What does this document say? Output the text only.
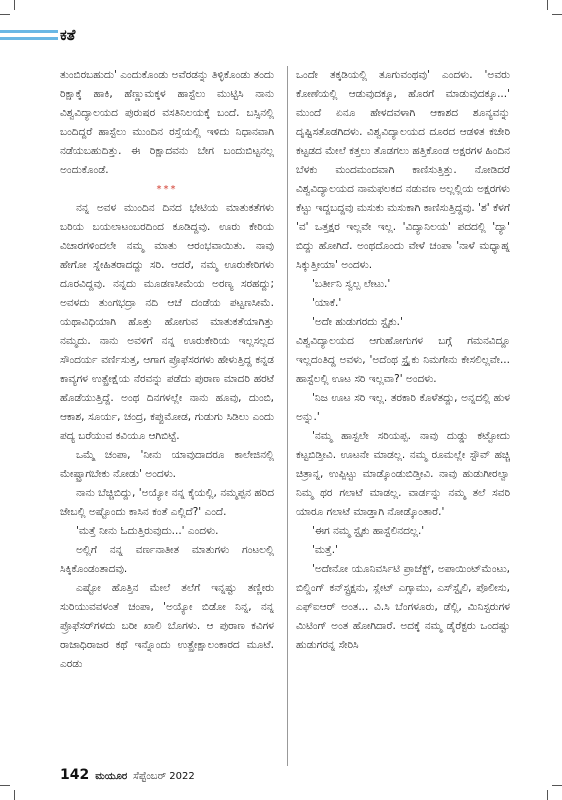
ಕತೆ

ತುಂಬಿರಬಹುದು' ಎಂದುಕೊಂಡು ಅವೆರಡನ್ನು ತಿಳ್ಳಿಕೊಂಡು ತಂದು ರಿಕ್ಷಾಕ್ಕೆ ಹಾಕಿ, ಹೆಣ್ಣುಮಕ್ಕಳ ಹಾಸ್ಟೆಲು ಮುಟ್ಟಿಸಿ ನಾನು ವಿಶ್ವವಿದ್ಯಾಲಯದ ಪುರುಷರ ವಸತಿನಿಲಯಕ್ಕೆ ಬಂದೆ. ಬಸ್ಸಿನಲ್ಲಿ ಬಂದಿದ್ದರೆ ಹಾಸ್ಟೆಲು ಮುಂದಿನ ರಸ್ತೆಯಲ್ಲಿ ಇಳಿದು ನಿಧಾನವಾಗಿ ನಡೆಯಬಹುದಿತ್ತು. ಈ ರಿಕ್ಷಾದವನು ಬೇಗ ಬಂದುಬಿಟ್ಟನಲ್ಲ ಅಂದುಕೊಂಡೆ.

***

ನನ್ನ ಅವಳ ಮುಂದಿನ ದಿನದ ಭೇಟಿಯ ಮಾತುಕತೆಗಳು ಬರಿಯ ಬಯಲಾಟಂಬರದಿಂದ ಕೂಡಿದ್ದವು. ಊರು ಕೇರಿಯ ವಿಚಾರಗಳಿಂದಲೇ ನಮ್ಮ ಮಾತು ಆರಂಭವಾಯಿತು. ನಾವು ಹೇಗೋ ಸ್ನೇಹಿತರಾದದ್ದು ಸರಿ. ಆದರೆ, ನಮ್ಮ ಊರುಕೇರಿಗಳು ದೂರವಿದ್ದವು. ನನ್ನದು ಮೂಡಣಸೀಮೆಯ ಅರಣ್ಯ ಸರಹದ್ದು; ಅವಳದು ತುಂಗಭದ್ರಾ ನದಿ ಆಚೆ ದಂಡೆಯ ಪಟ್ಟಣಸೀಮೆ. ಯಥಾವಿಧಿಯಾಗಿ ಹೊತ್ತು ಹೋಗುವ ಮಾತುಕತೆಯಾಗಿತ್ತು ನಮ್ಮದು. ನಾನು ಅವಳಿಗೆ ನನ್ನ ಊರುಕೇರಿಯ ಇಲ್ಲಸಲ್ಲದ ಸೌಂದರ್ಯ ವರ್ಣಿಸುತ್ತ, ಆಗಾಗ ಪ್ರೊಫೆಸರಗಳು ಹೇಳುತ್ತಿದ್ದ ಕನ್ನಡ ಕಾವ್ಯಗಳ ಉತ್ಪ್ರೇಕ್ಷೆಯ ನೆರವನ್ನು ಪಡೆದು ಪುರಾಣ ಮಾದರಿ ಹರಟೆ ಹೊಡೆಯುತ್ತಿದ್ದೆ. ಅಂಥ ದಿನಗಳಲ್ಲೇ ನಾನು ಹೂವು, ದುಂಬಿ, ಆಕಾಶ, ಸೂರ್ಯ, ಚಂದ್ರ, ಕಪ್ಪುಮೋಡ, ಗುಡುಗು ಸಿಡಿಲು ಎಂದು ಪದ್ಯ ಬರೆಯುವ ಕವಿಯೂ ಆಗಿಬಿಟ್ಟೆ.

ಒಮ್ಮೆ ಚಂಪಾ, 'ನೀನು ಯಾವುದಾದರೂ ಕಾಲೇಜಿನಲ್ಲಿ ಮೇಷ್ಟ್ರಾಗಬೇಕು ನೋಡು' ಅಂದಳು.

ನಾನು ಬೆಚ್ಚಿಬಿದ್ದು, 'ಅಯ್ಯೋ ನನ್ನ ಕೈಯಲ್ಲಿ, ನಮ್ಮಪ್ಪನ ಹರಿದ ಜೇಬಲ್ಲಿ ಅಷ್ಟೊಂದು ಕಾಸಿನ ಕಂತೆ ಎಲ್ಲಿದೆ?' ಎಂದೆ.

'ಮತ್ತೆ ನೀನು ಓದುತ್ತಿರುವುದು...' ಎಂದಳು.

ಅಲ್ಲಿಗೆ ನನ್ನ ವರ್ಣನಾತೀತ ಮಾತುಗಳು ಗಂಟಲಲ್ಲಿ ಸಿಕ್ಕಿಕೊಂಡಂತಾದವು.

ಎಷ್ಟೋ ಹೊತ್ತಿನ ಮೇಲೆ ತಲೆಗೆ ಇನ್ನಷ್ಟು ತಣ್ಣೀರು ಸುರಿಯುವವಳಂತೆ ಚಂಪಾ, 'ಅಯ್ಯೋ ಬಿಡೋ ನಿನ್ನ, ನನ್ನ ಪ್ರೊಫೆಸರ್‌ಗಳದು ಬರೀ ಖಾಲಿ ಬೊಗಳು. ಆ ಪುರಾಣ ಕವಿಗಳ ರಾಜಾಧಿರಾಜರ ಕಥೆ ಇನ್ನೊಂದು ಉತ್ಪ್ರೇಕ್ಷಾಲಂಕಾರದ ಮೂಟೆ. ಎರಡು

ಒಂದೇ ತಕ್ಕಡಿಯಲ್ಲಿ ತೂಗುವಂಥವು' ಎಂದಳು. 'ಅವರು ಕೋಣೆಯಲ್ಲಿ ಆಡುವುದಕ್ಕೂ, ಹೊರಗೆ ಮಾಡುವುದಕ್ಕೂ...' ಮುಂದೆ ಏನೂ ಹೇಳದವಳಾಗಿ ಆಕಾಶದ ಶೂನ್ಯವನ್ನು ದೃಷ್ಟಿಸತೊಡಗಿದಳು. ವಿಶ್ವವಿದ್ಯಾಲಯದ ದೂರದ ಆಡಳಿತ ಕಚೇರಿ ಕಟ್ಟಡದ ಮೇಲೆ ಕತ್ತಲು ತೊಡಗಲು ಹತ್ತಿಕೊಂಡ ಅಕ್ಷರಗಳ ಹಿಂದಿನ ಬೆಳಕು ಮಂದಮಂದವಾಗಿ ಕಾಣಿಸುತ್ತಿತ್ತು. ನೋಡಿದರೆ ವಿಶ್ವವಿದ್ಯಾಲಯದ ನಾಮಫಲಕದ ನಡುವಣ ಅಲ್ಲಲ್ಲಿಯ ಅಕ್ಷರಗಳು ಕೆಟ್ಟು ಇದ್ದಬದ್ದವು ಮಸುಕು ಮಸುಕಾಗಿ ಕಾಣಿಸುತ್ತಿದ್ದವು. 'ಶ' ಕೆಳಗೆ 'ವ' ಒತ್ತಕ್ಷರ ಇಲ್ಲವೇ ಇಲ್ಲ. 'ವಿದ್ಯಾನಿಲಯ' ಪದದಲ್ಲಿ 'ದ್ಯಾ' ಬಿದ್ದು ಹೋಗಿದೆ. ಅಂಥದೊಂದು ವೇಳೆ ಚಂಪಾ 'ನಾಳೆ ಮಧ್ಯಾಹ್ನ ಸಿಕ್ಕುತ್ತೀಯಾ' ಅಂದಳು.

'ಬರ್ತೀನಿ ಸ್ವಲ್ಪ ಲೇಟು.'

'ಯಾಕೆ.'

'ಅದೇ ಹುಡುಗರದು ಸ್ಟೈಕು.'

ವಿಶ್ವವಿದ್ಯಾಲಯದ ಆಗುಹೋಗುಗಳ ಬಗ್ಗೆ ಗಮನವಿದ್ದೂ ಇಲ್ಲದಂತಿದ್ದ ಅವಳು, 'ಅದೆಂಥ ಸ್ಟ್ರೈಕು ನಿಮಗೇನು ಕೇಸಲಿಲ್ಲವೇ... ಹಾಸ್ಟೆಲಲ್ಲಿ ಊಟ ಸರಿ ಇಲ್ಲವಾ?' ಅಂದಳು.

'ನಿಜ ಊಟ ಸರಿ ಇಲ್ಲ. ತರಕಾರಿ ಕೊಳೆತದ್ದು, ಅನ್ನದಲ್ಲಿ ಹುಳ ಅನ್ನು.'

'ನಮ್ಮ ಹಾಸ್ಟಲೇ ಸರಿಯಪ್ಪ. ನಾವು ದುಡ್ಡು ಕಟ್ಟೋದು ಕಟ್ಟಬಿಡ್ತೀವಿ. ಊಟನೇ ಮಾಡಲ್ಲ. ನಮ್ಮ ರೂಮಲ್ಲೇ ಸ್ಟೌವ್ ಹಚ್ಚಿ ಚಿತ್ರಾನ್ನ, ಉಪ್ಪಿಟ್ಟು ಮಾಡ್ಕೊಂಡುಬಿಡ್ತೀವಿ. ನಾವು ಹುಡುಗೀರಲ್ವಾ ನಿಮ್ಮ ಥರ ಗಲಾಟೆ ಮಾಡಲ್ಲ. ವಾರ್ಡನ್ನು ನಮ್ಮ ತಲೆ ಸವರಿ ಯಾರೂ ಗಲಾಟೆ ಮಾಡ್ತಾಗಿ ನೋಡ್ಕೊಂತಾರೆ.'

'ಈಗ ನಮ್ಮ ಸ್ಟೈಕು ಹಾಸ್ಟೆಲಿನದಲ್ಲ.'

'ಮತ್ತೆ.'

'ಅದೇನೋ ಯೂನಿವರ್ಸಿಟಿ ಪ್ರಾಜೆಕ್ಟ್, ಅಪಾಯಿಂಟ್‌ಮೆಂಟು, ಬಿಲ್ಡಿಂಗ್ ಕನ್‌ಸ್ಟ್ರಕ್ಷನು, ಸ್ಲೇಟ್ ಎಗ್ಸಾಮು, ಎಸ್‌ಸ್ಟೈಲಿ, ಪೊಲೀಸು, ಎಫ್‌ಐಆರ್ ಅಂತ... ವಿ.ಸಿ ಬೆಂಗಳೂರು, ಡೆಲ್ಲಿ, ಮಿನಿಸ್ಟರುಗಳ ಮಿಟಿಂಗ್ ಅಂತ ಹೋಗಿದಾರೆ. ಅದಕ್ಕೆ ನಮ್ಮ ಡೈರೆಕ್ಟರು ಒಂದಷ್ಟು ಹುಡುಗರನ್ನ ಸೇರಿಸಿ

142 ಮಯೂರ ಸೆಪ್ಟೆಂಬರ್ 2022
